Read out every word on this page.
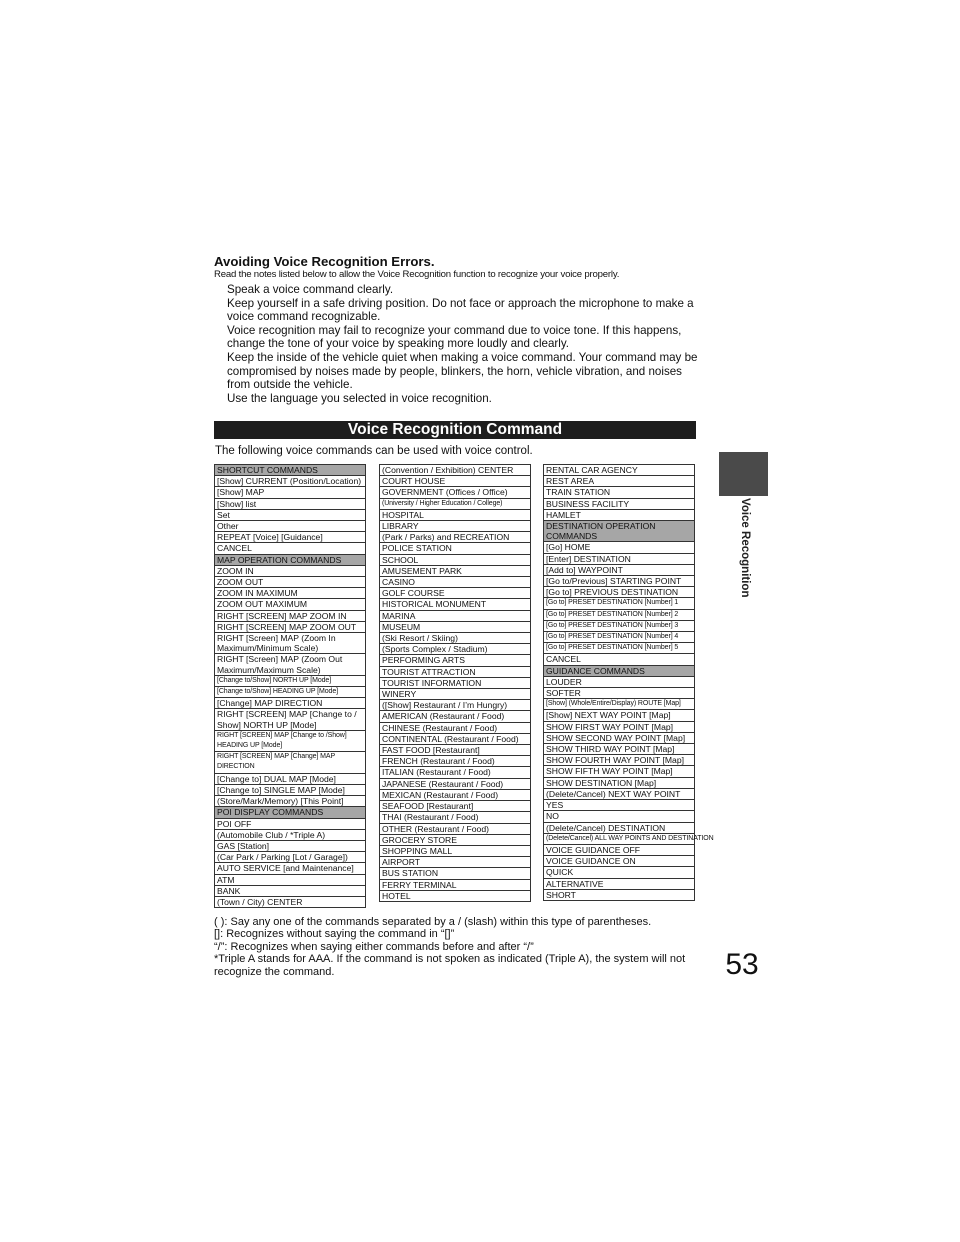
Voice Recognition
53
Avoiding Voice Recognition Errors.
Read the notes listed below to allow the Voice Recognition function to recognize your voice properly.
Speak a voice command clearly.
Keep yourself in a safe driving position. Do not face or approach the microphone to make a voice command recognizable.
Voice recognition may fail to recognize your command due to voice tone. If this happens, change the tone of your voice by speaking more loudly and clearly.
Keep the inside of the vehicle quiet when making a voice command. Your command may be compromised by noises made by people, blinkers, the horn, vehicle vibration, and noises from outside the vehicle.
Use the language you selected in voice recognition.
Voice Recognition Command
The following voice commands can be used with voice control.
SHORTCUT COMMANDS
[Show] CURRENT (Position/Location)
[Show] MAP
[Show] list
Set
Other
REPEAT [Voice] [Guidance]
CANCEL
MAP OPERATION COMMANDS
ZOOM IN
ZOOM OUT
ZOOM IN MAXIMUM
ZOOM OUT MAXIMUM
RIGHT [SCREEN] MAP ZOOM IN
RIGHT [SCREEN] MAP ZOOM OUT
RIGHT [Screen] MAP (Zoom In Maximum/Minimum Scale)
RIGHT [Screen] MAP (Zoom Out Maximum/Maximum Scale)
[Change to/Show] NORTH UP [Mode]
[Change to/Show] HEADING UP [Mode]
[Change] MAP DIRECTION
RIGHT [SCREEN] MAP [Change to / Show] NORTH UP [Mode]
RIGHT [SCREEN] MAP [Change to /Show] HEADING UP [Mode]
RIGHT [SCREEN] MAP [Change] MAP DIRECTION
[Change to] DUAL MAP [Mode]
[Change to] SINGLE MAP [Mode]
(Store/Mark/Memory) [This Point]
POI DISPLAY COMMANDS
POI OFF
(Automobile Club / *Triple A)
GAS [Station]
(Car Park / Parking [Lot / Garage])
AUTO SERVICE [and Maintenance]
ATM
BANK
(Town / City) CENTER
(Convention / Exhibition) CENTER
COURT HOUSE
GOVERNMENT (Offices / Office)
(University / Higher Education / College)
HOSPITAL
LIBRARY
(Park / Parks) and RECREATION
POLICE STATION
SCHOOL
AMUSEMENT PARK
CASINO
GOLF COURSE
HISTORICAL MONUMENT
MARINA
MUSEUM
(Ski Resort / Skiing)
(Sports Complex / Stadium)
PERFORMING ARTS
TOURIST ATTRACTION
TOURIST INFORMATION
WINERY
([Show] Restaurant / I’m Hungry)
AMERICAN (Restaurant / Food)
CHINESE (Restaurant / Food)
CONTINENTAL (Restaurant / Food)
FAST FOOD [Restaurant]
FRENCH (Restaurant / Food)
ITALIAN (Restaurant / Food)
JAPANESE (Restaurant / Food)
MEXICAN (Restaurant / Food)
SEAFOOD [Restaurant]
THAI (Restaurant / Food)
OTHER (Restaurant / Food)
GROCERY STORE
SHOPPING MALL
AIRPORT
BUS STATION
FERRY TERMINAL
HOTEL
RENTAL CAR AGENCY
REST AREA
TRAIN STATION
BUSINESS FACILITY
HAMLET
DESTINATION OPERATION COMMANDS
[Go] HOME
[Enter] DESTINATION
[Add to] WAYPOINT
[Go to/Previous] STARTING POINT
[Go to] PREVIOUS DESTINATION
[Go to] PRESET DESTINATION [Number] 1
[Go to] PRESET DESTINATION [Number] 2
[Go to] PRESET DESTINATION [Number] 3
[Go to] PRESET DESTINATION [Number] 4
[Go to] PRESET DESTINATION [Number] 5
CANCEL
GUIDANCE COMMANDS
LOUDER
SOFTER
[Show] (Whole/Entire/Display) ROUTE [Map]
[Show] NEXT WAY POINT [Map]
SHOW FIRST WAY POINT [Map]
SHOW SECOND WAY POINT [Map]
SHOW THIRD WAY POINT [Map]
SHOW FOURTH WAY POINT [Map]
SHOW FIFTH WAY POINT [Map]
SHOW DESTINATION [Map]
(Delete/Cancel) NEXT WAY POINT
YES
NO
(Delete/Cancel) DESTINATION
(Delete/Cancel) ALL WAY POINTS AND DESTINATION
VOICE GUIDANCE OFF
VOICE GUIDANCE ON
QUICK
ALTERNATIVE
SHORT
( ): Say any one of the commands separated by a / (slash) within this type of parentheses.
[]: Recognizes without saying the command in “[]”
“/”: Recognizes when saying either commands before and after “/”
*Triple A stands for AAA. If the command is not spoken as indicated (Triple A), the system will not recognize the command.
